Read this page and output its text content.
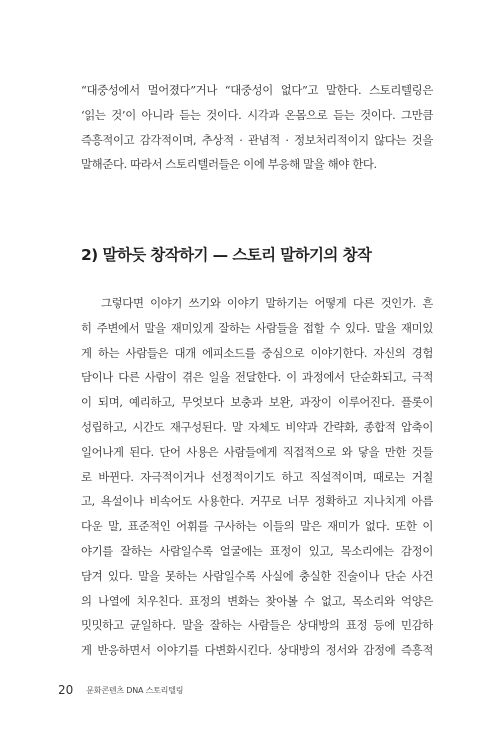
“대중성에서 멀어졌다”거나 “대중성이 없다”고 말한다. 스토리텔링은
‘읽는 것’이 아니라 듣는 것이다. 시각과 온몸으로 듣는 것이다. 그만큼
즉흥적이고 감각적이며, 추상적 · 관념적 · 정보처리적이지 않다는 것을
말해준다. 따라서 스토리텔러들은 이에 부응해 말을 해야 한다.
2) 말하듯 창작하기 — 스토리 말하기의 창작
그렇다면 이야기 쓰기와 이야기 말하기는 어떻게 다른 것인가. 흔
히 주변에서 말을 재미있게 잘하는 사람들을 접할 수 있다. 말을 재미있
게 하는 사람들은 대개 에피소드를 중심으로 이야기한다. 자신의 경험
담이나 다른 사람이 겪은 일을 전달한다. 이 과정에서 단순화되고, 극적
이 되며, 예리하고, 무엇보다 보충과 보완, 과장이 이루어진다. 플롯이
성립하고, 시간도 재구성된다. 말 자체도 비약과 간략화, 종합적 압축이
일어나게 된다. 단어 사용은 사람들에게 직접적으로 와 닿을 만한 것들
로 바뀐다. 자극적이거나 선정적이기도 하고 직설적이며, 때로는 거칠
고, 욕설이나 비속어도 사용한다. 거꾸로 너무 정확하고 지나치게 아름
다운 말, 표준적인 어휘를 구사하는 이들의 말은 재미가 없다. 또한 이
야기를 잘하는 사람일수록 얼굴에는 표정이 있고, 목소리에는 감정이
담겨 있다. 말을 못하는 사람일수록 사실에 충실한 진술이나 단순 사건
의 나열에 치우친다. 표정의 변화는 찾아볼 수 없고, 목소리와 억양은
밋밋하고 균일하다. 말을 잘하는 사람들은 상대방의 표정 등에 민감하
게 반응하면서 이야기를 다변화시킨다. 상대방의 정서와 감정에 즉흥적
20 문화콘텐츠 DNA 스토리텔링
